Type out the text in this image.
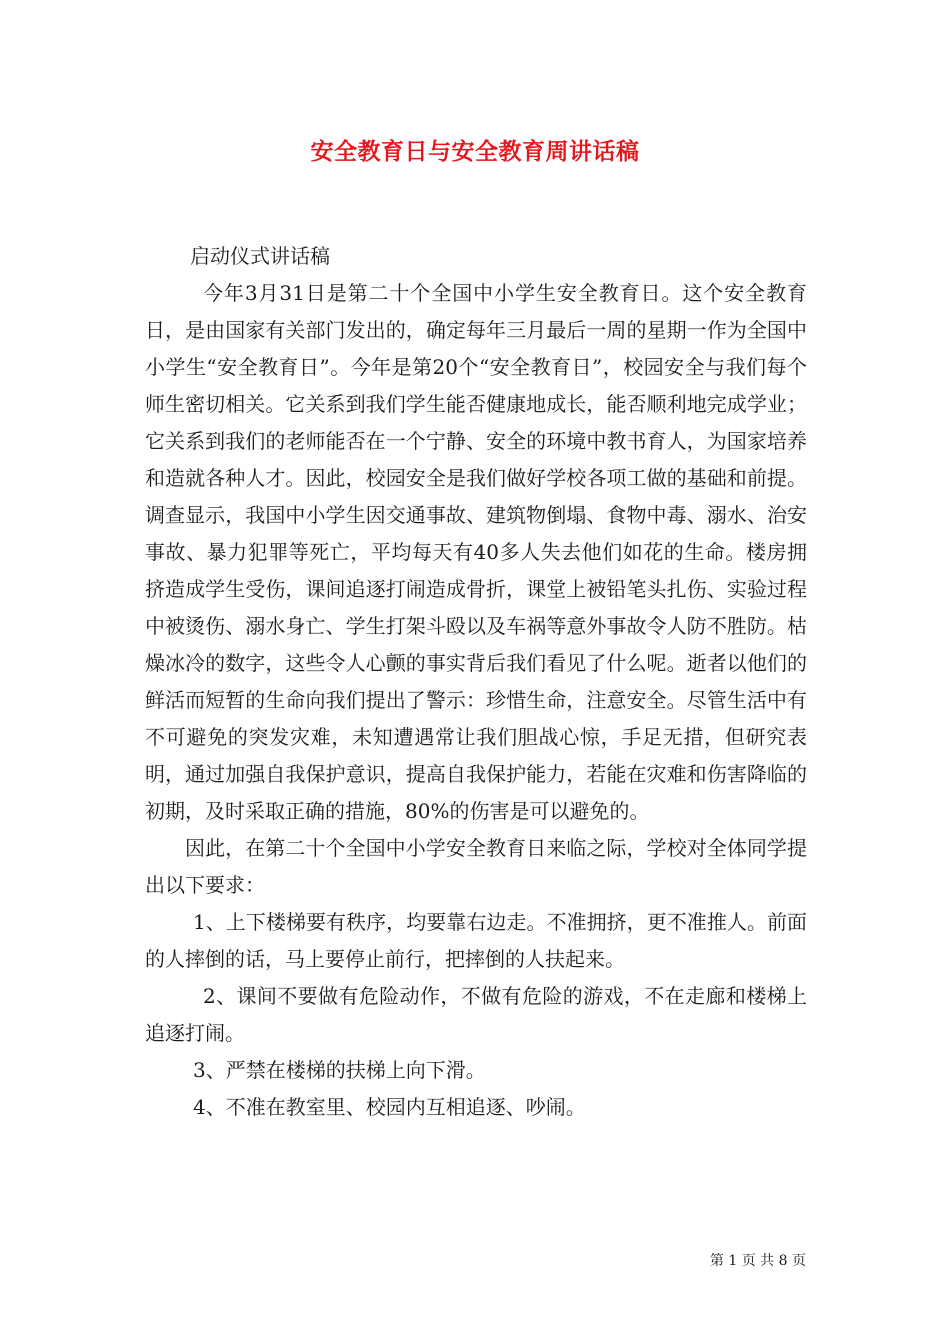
安全教育日与安全教育周讲话稿

启动仪式讲话稿

今年3月31日是第二十个全国中小学生安全教育日。这个安全教育日，是由国家有关部门发出的，确定每年三月最后一周的星期一作为全国中小学生“安全教育日”。今年是第20个“安全教育日”，校园安全与我们每个师生密切相关。它关系到我们学生能否健康地成长，能否顺利地完成学业；它关系到我们的老师能否在一个宁静、安全的环境中教书育人，为国家培养和造就各种人才。因此，校园安全是我们做好学校各项工做的基础和前提。调查显示，我国中小学生因交通事故、建筑物倒塌、食物中毒、溺水、治安事故、暴力犯罪等死亡，平均每天有40多人失去他们如花的生命。楼房拥挤造成学生受伤，课间追逐打闹造成骨折，课堂上被铅笔头扎伤、实验过程中被烫伤、溺水身亡、学生打架斗殴以及车祸等意外事故令人防不胜防。枯燥冰冷的数字，这些令人心颤的事实背后我们看见了什么呢。逝者以他们的鲜活而短暂的生命向我们提出了警示：珍惜生命，注意安全。尽管生活中有不可避免的突发灾难，未知遭遇常让我们胆战心惊，手足无措，但研究表明，通过加强自我保护意识，提高自我保护能力，若能在灾难和伤害降临的初期，及时采取正确的措施，80%的伤害是可以避免的。

因此，在第二十个全国中小学安全教育日来临之际，学校对全体同学提出以下要求：

1、上下楼梯要有秩序，均要靠右边走。不准拥挤，更不准推人。前面的人摔倒的话，马上要停止前行，把摔倒的人扶起来。

2、课间不要做有危险动作，不做有危险的游戏，不在走廊和楼梯上追逐打闹。

3、严禁在楼梯的扶梯上向下滑。

4、不准在教室里、校园内互相追逐、吵闹。

第 1 页 共 8 页
